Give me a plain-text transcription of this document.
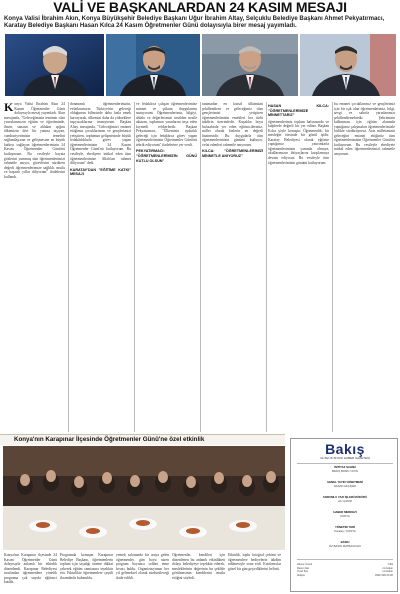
VALİ VE BAŞKANLARDAN 24 KASIM MESAJI
Konya Valisi İbrahim Akın, Konya Büyükşehir Belediye Başkanı Uğur İbrahim Altay, Selçuklu Belediye Başkanı Ahmet Pekyatırmacı, Karatay Belediye Başkanı Hasan Kılca 24 Kasım Öğretmenler Günü dolayısıyla birer mesaj yayımladı.
K onya Valisi İbrahim Akın 24 Kasım Öğretmenler Günü dolayısıyla mesaj yayımladı. Akın mesajında, "Geleceğimizin teminatı olan yavrularımızın eğitim ve öğretiminde, ilmin, sanatın ve ahlakın ışığını ülkemizin dört bir yanına taşıyan, cumhuriyetimizin temelini sağlamlaştıran ve gelişmesine en büyük katkıyı sağlayan öğretmenlerimizin 24 Kasım Öğretmenler Günü'nü kutluyorum. Bu vesileyle hayata gözlerini yummuş tüm öğretmenlerimizi rahmetle anıyor, görevlerini sürdüren değerli öğretmenlerimize sağlıklı, mutlu ve başarılı yıllar diliyorum" ifadelerini kullandı.
donanımlı öğretmenlerimizin, evlatlarımızın Türkiye'nin geleceği olduğunun bilincinde daha fazla emek harcayarak, ülkemizi daha da yükseklere taşıyacaklarına inanıyorum. Başkan Altay mesajında, "Geleceğimizi emanet ettiğimiz çocuklarımızı ve gençlerimizi yetiştiren, toplumun gelişmesinde büyük fedakârlıklarla görev yapan öğretmenlerimizin 24 Kasım Öğretmenler Günü'nü kutluyorum. Bu vesileyle, ebediyete intikal eden tüm öğretmenlerimize Allah'tan rahmet diliyorum" dedi.
KARATAY'DAN "EĞİTİME KATKI" MESAJI
ve fedakârca çalışan öğretmenlerimize minnet ve şükran duygularımı sunuyorum. Öğretmenlerimiz, bilgiyi, ahlakı ve değerlerimizi nesilden nesile aktaran, toplumun yarınlarını inşa eden kıymetli rehberlerdir. Başkan Pekyatırmacı, "Ülkemizin aydınlık geleceği için fedakârca görev yapan öğretmenlerimizin Öğretmenler Günü'nü tebrik ediyorum" ifadelerine yer verdi.
PEKYATIRMACI: "ÖĞRETMENLERİMİZİN GÜNÜ KUTLU OLSUN"
tanımadan en kutsal ülkümüzü şekillendiren ve geleceğimiz olan gençlerimizi yetiştiren öğretmenlerimizin emekleri her türlü takdirin üzerindedir. Kuşaklar boyu hafızalarda yer eden eğitimcilerimiz, millet olarak bizlerin en değerli hazinesidir. Bu duygularla tüm öğretmenlerimizin gününü kutluyor, vefat edenleri rahmetle anıyorum.
KILCA: "ÖĞRETMENLERİMİZİ MİNNETLE ANIYORUZ"
HASAN KILCA: "ÖĞRETMENLERİMİZE MİNNETTARIZ"
öğretmenlerimiz toplum hafızasında ve kalplerde değerli bir yer edinir. Başkan Kılca şöyle konuştu: Öğretmenlik, bir mesleğin ötesinde bir gönül işidir. Karatay Belediyesi olarak eğitime yaptığımız yatırımlarla öğretmenlerimizin yanında olmaya, okullarımızın ihtiyaçlarını karşılamaya devam ediyoruz. Bu vesileyle tüm öğretmenlerimizin gününü kutluyorum.
bu emanet çocuklarımız ve gençlerimiz için bir ışık olan öğretmenlerimiz, bilgi, sevgi ve sabırla yarınlarımızı şekillendirmektedir. Şehrimizin kalkınması için eğitim alanında yaptığımız çalışmaları öğretmenlerimizle birlikte sürdürüyoruz. Aziz milletimizin geleceğini emanet ettiğimiz tüm öğretmenlerimizin Öğretmenler Günü'nü kutluyorum. Bu vesileyle ebediyete intikal eden öğretmenlerimizi rahmetle anıyorum.
Konya'nın Karapınar İlçesinde Öğretmenler Günü'ne özel etkinlik
Konya'nın Karapınar ilçesinde 24 Kasım Öğretmenler Günü dolayısıyla anlamlı bir etkinlik düzenlendi. Karapınar Belediyesi tarafından öğretmenlere yönelik programa çok sayıda eğitimci katıldı.
Programda konuşan Karapınar Belediye Başkanı, öğretmenlerin toplum için taşıdığı öneme dikkat çekerek eğitim camiasına teşekkür etti. Etkinlikte öğretmenlere çeşitli ikramlarda bulunuldu.
yemek salonunda bir araya gelen öğretmenler, gün boyu süren program boyunca sohbet etme fırsatı buldu. Organizasyonun her yıl geleneksel olarak sürdürüleceği ifade edildi.
Öğretmenler, kendileri için düzenlenen bu anlamlı etkinlikten dolayı belediyeye teşekkür ederek, mesleklerinin değerinin bu şekilde görülmesinin kendilerini mutlu ettiğini söyledi.
Etkinlik, toplu fotoğraf çekimi ve öğretmenlere hediyelerin takdim edilmesiyle sona erdi. Katılımcılar güzel bir gün geçirdiklerini belirtti.
Bakış
GÜNLÜK SİYASİ HABER GAZETESİ
İMTİYAZ SAHİBİ
BAKIŞ BASIN YAYIN
GENEL YAYIN YÖNETMENİ
HASAN AKÇİÇEK
SORUMLU YAZI İŞLERİ MÜDÜRÜ
ALİ ÇAKIR
HABER MERKEZİ
KONYA
YÖNETİM YERİ
Karatay / KONYA
BASKI
ÖZ BASIN MATBAACILIK
Abone Ücreti	Yıllık
Resmi İlan	cm/sütun
Ticari İlan	cm/sütun
İletişim	0332 000 00 00
